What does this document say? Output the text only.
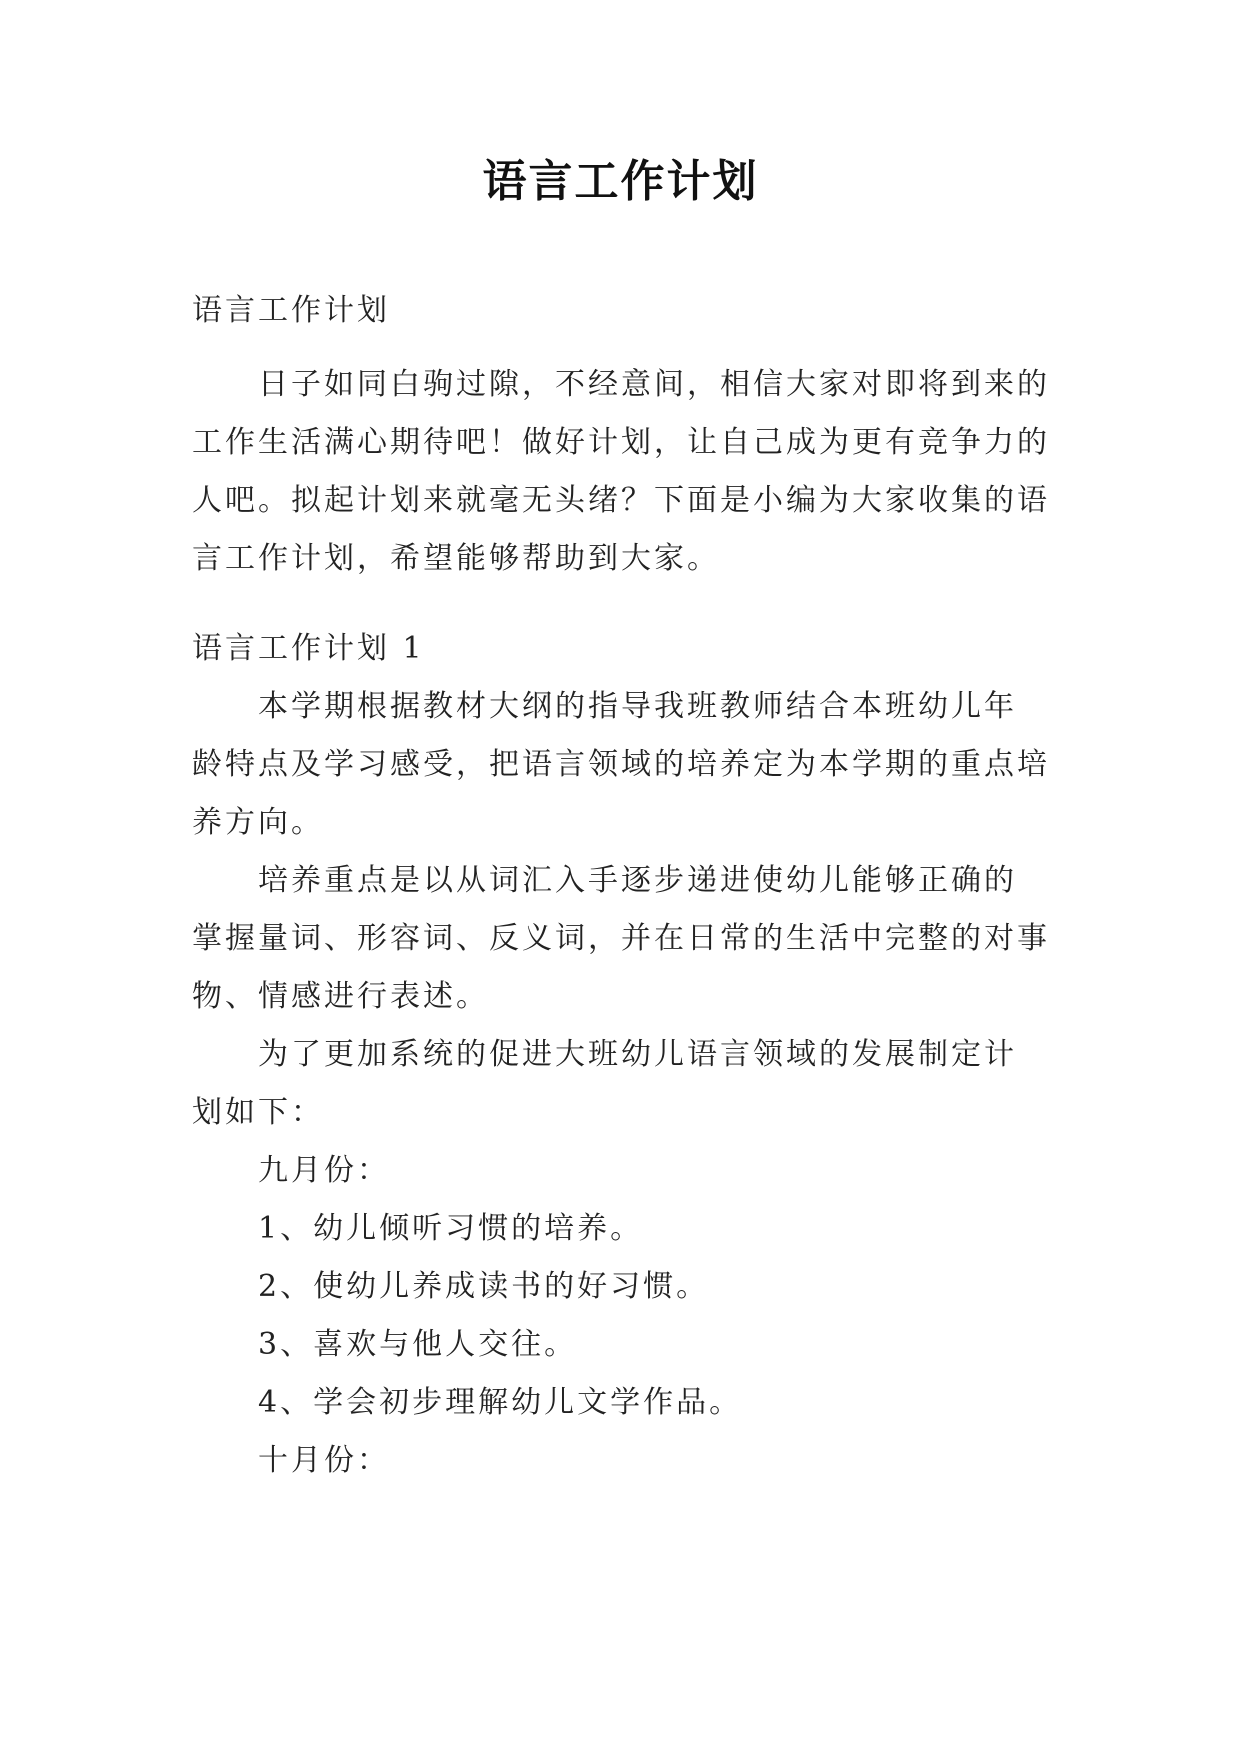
语言工作计划
语言工作计划
日子如同白驹过隙，不经意间，相信大家对即将到来的
工作生活满心期待吧！做好计划，让自己成为更有竞争力的
人吧。拟起计划来就毫无头绪？下面是小编为大家收集的语
言工作计划，希望能够帮助到大家。
语言工作计划 1
本学期根据教材大纲的指导我班教师结合本班幼儿年
龄特点及学习感受，把语言领域的培养定为本学期的重点培
养方向。
培养重点是以从词汇入手逐步递进使幼儿能够正确的
掌握量词、形容词、反义词，并在日常的生活中完整的对事
物、情感进行表述。
为了更加系统的促进大班幼儿语言领域的发展制定计
划如下：
九月份：
1、幼儿倾听习惯的培养。
2、使幼儿养成读书的好习惯。
3、喜欢与他人交往。
4、学会初步理解幼儿文学作品。
十月份：
